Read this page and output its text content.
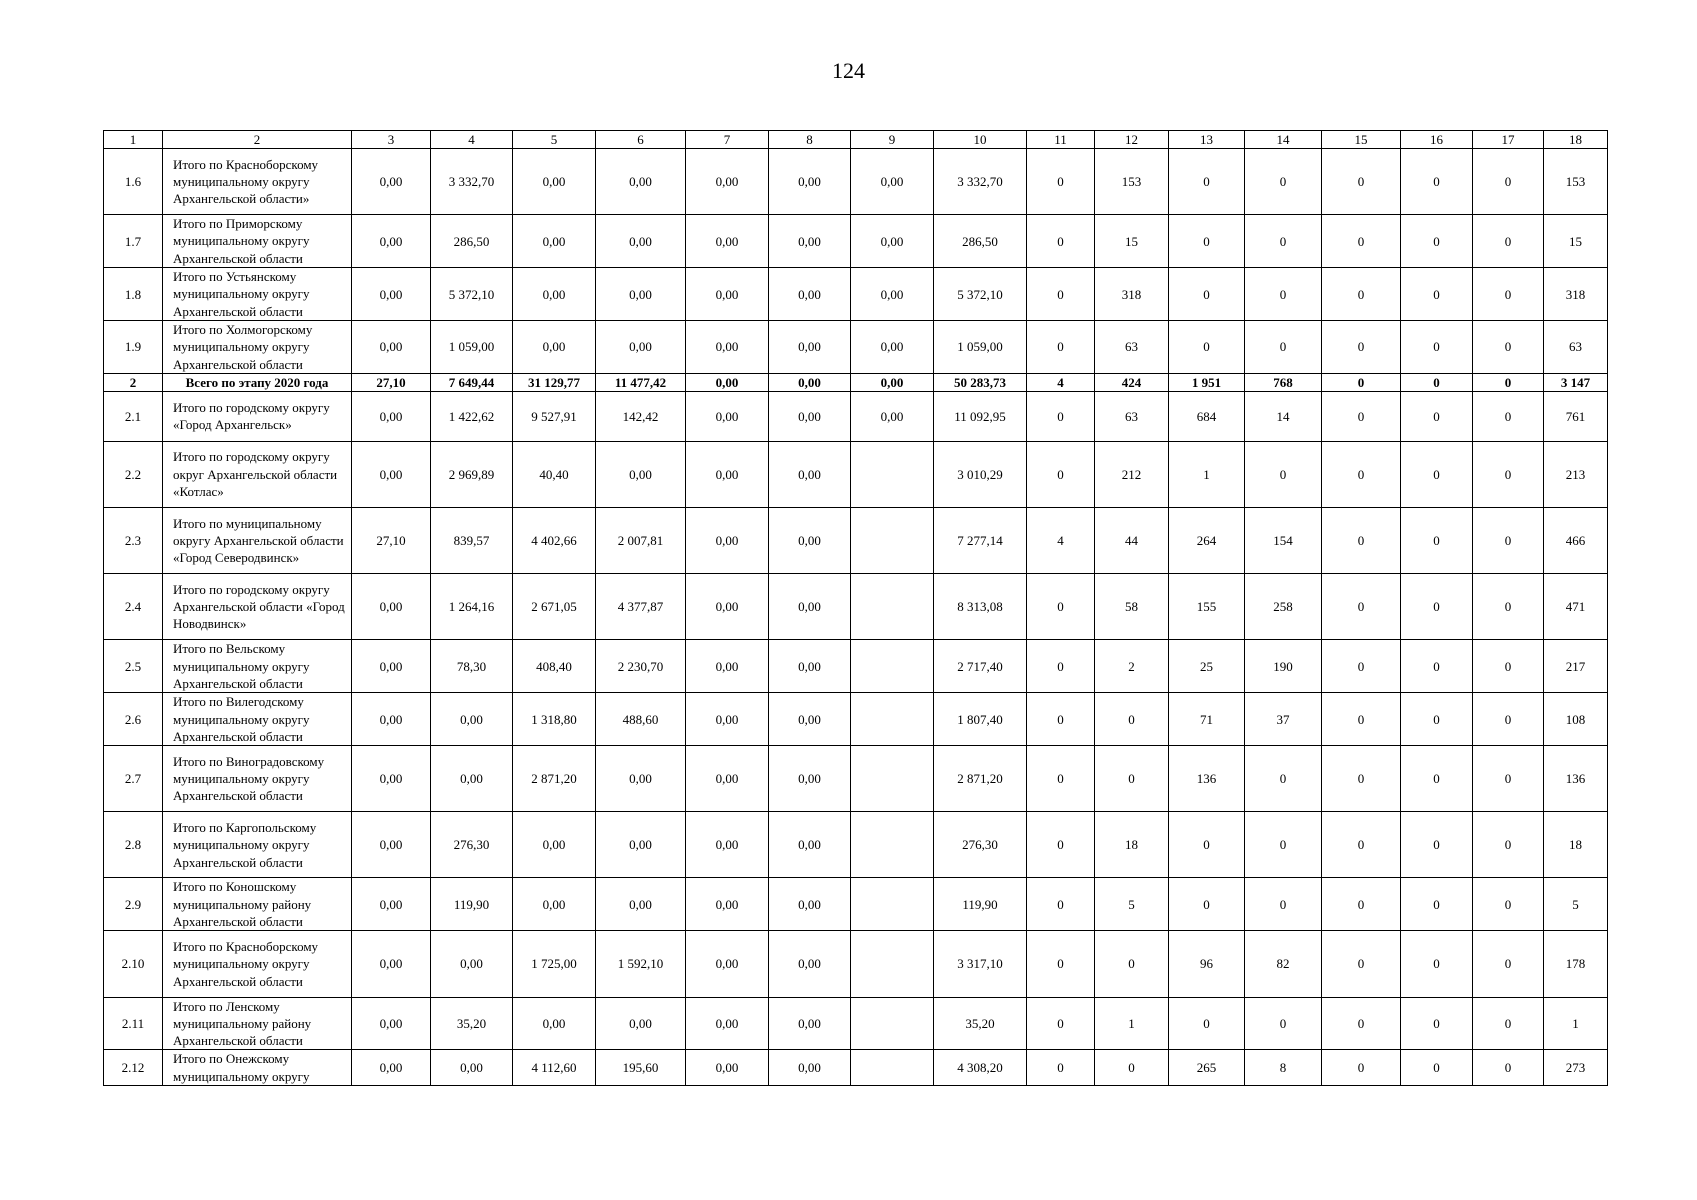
124
1	2	3	4	5	6	7	8	9	10	11	12	13	14	15	16	17	18
1.6	Итого по Красноборскому муниципальному округу Архангельской области»	0,00	3 332,70	0,00	0,00	0,00	0,00	0,00	3 332,70	0	153	0	0	0	0	0	153
1.7	Итого по Приморскому муниципальному округу Архангельской области	0,00	286,50	0,00	0,00	0,00	0,00	0,00	286,50	0	15	0	0	0	0	0	15
1.8	Итого по Устьянскому муниципальному округу Архангельской области	0,00	5 372,10	0,00	0,00	0,00	0,00	0,00	5 372,10	0	318	0	0	0	0	0	318
1.9	Итого по Холмогорскому муниципальному округу Архангельской области	0,00	1 059,00	0,00	0,00	0,00	0,00	0,00	1 059,00	0	63	0	0	0	0	0	63
2	Всего по этапу 2020 года	27,10	7 649,44	31 129,77	11 477,42	0,00	0,00	0,00	50 283,73	4	424	1 951	768	0	0	0	3 147
2.1	Итого по городскому округу «Город Архангельск»	0,00	1 422,62	9 527,91	142,42	0,00	0,00	0,00	11 092,95	0	63	684	14	0	0	0	761
2.2	Итого по городскому округу округ Архангельской области «Котлас»	0,00	2 969,89	40,40	0,00	0,00	0,00		3 010,29	0	212	1	0	0	0	0	213
2.3	Итого по муниципальному округу Архангельской области «Город Северодвинск»	27,10	839,57	4 402,66	2 007,81	0,00	0,00		7 277,14	4	44	264	154	0	0	0	466
2.4	Итого по городскому округу Архангельской области «Город Новодвинск»	0,00	1 264,16	2 671,05	4 377,87	0,00	0,00		8 313,08	0	58	155	258	0	0	0	471
2.5	Итого по Вельскому муниципальному округу Архангельской области	0,00	78,30	408,40	2 230,70	0,00	0,00		2 717,40	0	2	25	190	0	0	0	217
2.6	Итого по Вилегодскому муниципальному округу Архангельской области	0,00	0,00	1 318,80	488,60	0,00	0,00		1 807,40	0	0	71	37	0	0	0	108
2.7	Итого по Виноградовскому муниципальному округу Архангельской области	0,00	0,00	2 871,20	0,00	0,00	0,00		2 871,20	0	0	136	0	0	0	0	136
2.8	Итого по Каргопольскому муниципальному округу Архангельской области	0,00	276,30	0,00	0,00	0,00	0,00		276,30	0	18	0	0	0	0	0	18
2.9	Итого по Коношскому муниципальному району Архангельской области	0,00	119,90	0,00	0,00	0,00	0,00		119,90	0	5	0	0	0	0	0	5
2.10	Итого по Красноборскому муниципальному округу Архангельской области	0,00	0,00	1 725,00	1 592,10	0,00	0,00		3 317,10	0	0	96	82	0	0	0	178
2.11	Итого по Ленскому муниципальному району Архангельской области	0,00	35,20	0,00	0,00	0,00	0,00		35,20	0	1	0	0	0	0	0	1
2.12	Итого по Онежскому муниципальному округу	0,00	0,00	4 112,60	195,60	0,00	0,00		4 308,20	0	0	265	8	0	0	0	273
